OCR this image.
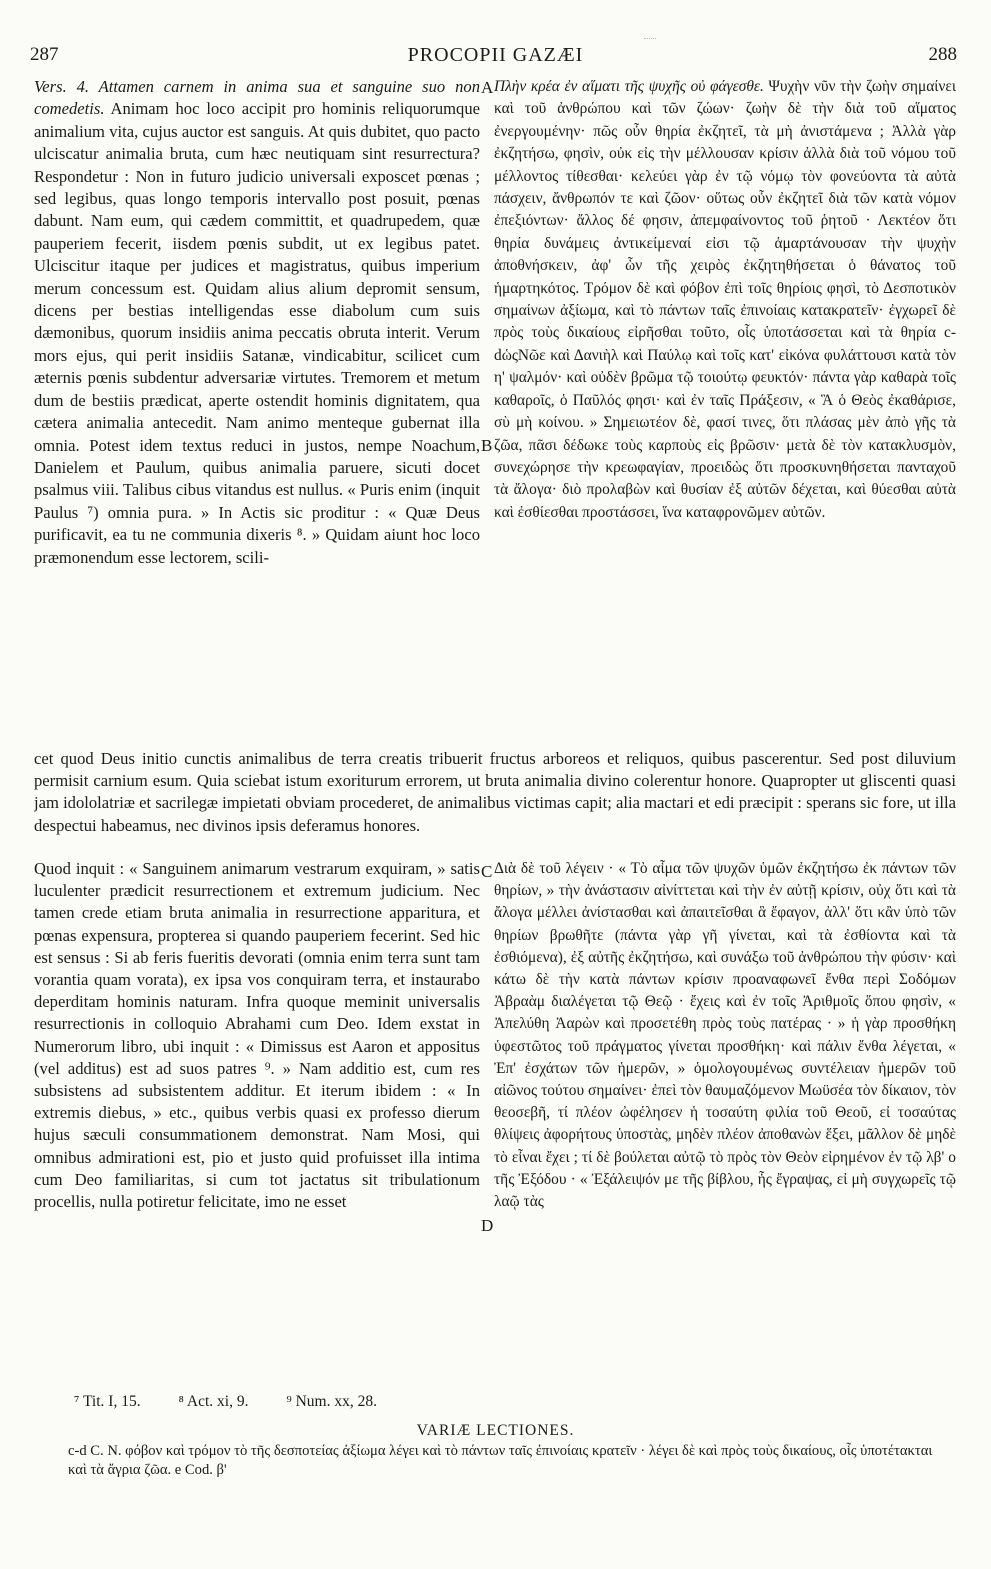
287	PROCOPII GAZÆI	288

Vers. 4. Attamen carnem in anima sua et sanguine suo non comedetis. Animam hoc loco accipit pro hominis reliquorumque animalium vita, cujus auctor est sanguis. At quis dubitet, quo pacto ulciscatur animalia bruta, cum hæc neutiquam sint resurrectura? Respondetur : Non in futuro judicio universali exposcet pœnas ; sed legibus, quas longo temporis intervallo post posuit, pœnas dabunt. Nam eum, qui cædem committit, et quadrupedem, quæ pauperiem fecerit, iisdem pœnis subdit, ut ex legibus patet. Ulciscitur itaque per judices et magistratus, quibus imperium merum concessum est. Quidam alius alium depromit sensum, dicens per bestias intelligendas esse diabolum cum suis dæmonibus, quorum insidiis anima peccatis obruta interit. Verum mors ejus, qui perit insidiis Satanæ, vindicabitur, scilicet cum æternis pœnis subdentur adversariæ virtutes. Tremorem et metum dum de bestiis prædicat, aperte ostendit hominis dignitatem, qua cætera animalia antecedit. Nam animo menteque gubernat illa omnia. Potest idem textus reduci in justos, nempe Noachum, Danielem et Paulum, quibus animalia paruere, sicuti docet psalmus viii. Talibus cibus vitandus est nullus. « Puris enim (inquit Paulus ⁷) omnia pura. » In Actis sic proditur : « Quæ Deus purificavit, ea tu ne communia dixeris ⁸. » Quidam aiunt hoc loco præmonendum esse lectorem, scili-

A
B

Πλὴν κρέα ἐν αἵματι τῆς ψυχῆς οὐ φάγεσθε. Ψυχὴν νῦν τὴν ζωὴν σημαίνει καὶ τοῦ ἀνθρώπου καὶ τῶν ζώων· ζωὴν δὲ τὴν διὰ τοῦ αἵματος ἐνεργουμένην· πῶς οὖν θηρία ἐκζητεῖ, τὰ μὴ ἀνιστάμενα ; Ἀλλὰ γὰρ ἐκζητήσω, φησὶν, οὐκ εἰς τὴν μέλλουσαν κρίσιν ἀλλὰ διὰ τοῦ νόμου τοῦ μέλλοντος τίθεσθαι· κελεύει γὰρ ἐν τῷ νόμῳ τὸν φονεύοντα τὰ αὐτὰ πάσχειν, ἄνθρωπόν τε καὶ ζῶον· οὕτως οὖν ἐκζητεῖ διὰ τῶν κατὰ νόμον ἐπεξιόντων· ἄλλος δέ φησιν, ἀπεμφαίνοντος τοῦ ῥητοῦ · Λεκτέον ὅτι θηρία δυνάμεις ἀντικείμεναί εἰσι τῷ ἁμαρτάνουσαν τὴν ψυχὴν ἀποθνήσκειν, ἀφ' ὧν τῆς χειρὸς ἐκζητηθήσεται ὁ θάνατος τοῦ ἡμαρτηκότος. Τρόμον δὲ καὶ φόβον ἐπὶ τοῖς θηρίοις φησὶ, τὸ Δεσποτικὸν σημαίνων ἀξίωμα, καὶ τὸ πάντων ταῖς ἐπινοίαις κατακρατεῖν· ἐγχωρεῖ δὲ πρὸς τοὺς δικαίους εἰρῆσθαι τοῦτο, οἷς ὑποτάσσεται καὶ τὰ θηρία c-dὡςΝῶε καὶ Δανιὴλ καὶ Παύλῳ καὶ τοῖς κατ' εἰκόνα φυλάττουσι κατὰ τὸν η' ψαλμόν· καὶ οὐδὲν βρῶμα τῷ τοιούτῳ φευκτόν· πάντα γὰρ καθαρὰ τοῖς καθαροῖς, ὁ Παῦλός φησι· καὶ ἐν ταῖς Πράξεσιν, « Ἃ ὁ Θεὸς ἐκαθάρισε, σὺ μὴ κοίνου. » Σημειωτέον δὲ, φασί τινες, ὅτι πλάσας μὲν ἀπὸ γῆς τὰ ζῶα, πᾶσι δέδωκε τοὺς καρποὺς εἰς βρῶσιν· μετὰ δὲ τὸν κατακλυσμὸν, συνεχώρησε τὴν κρεωφαγίαν, προειδὼς ὅτι προσκυνηθήσεται πανταχοῦ τὰ ἄλογα· διὸ προλαβὼν καὶ θυσίαν ἐξ αὐτῶν δέχεται, καὶ θύεσθαι αὐτὰ καὶ ἐσθίεσθαι προστάσσει, ἵνα καταφρονῶμεν αὐτῶν.

cet quod Deus initio cunctis animalibus de terra creatis tribuerit fructus arboreos et reliquos, quibus pascerentur. Sed post diluvium permisit carnium esum. Quia sciebat istum exoriturum errorem, ut bruta animalia divino colerentur honore. Quapropter ut gliscenti quasi jam idololatriæ et sacrilegæ impietati obviam procederet, de animalibus victimas capit; alia mactari et edi præcipit : sperans sic fore, ut illa despectui habeamus, nec divinos ipsis deferamus honores.

Quod inquit : « Sanguinem animarum vestrarum exquiram, » satis luculenter prædicit resurrectionem et extremum judicium. Nec tamen crede etiam bruta animalia in resurrectione apparitura, et pœnas expensura, propterea si quando pauperiem fecerint. Sed hic est sensus : Si ab feris fueritis devorati (omnia enim terra sunt tam vorantia quam vorata), ex ipsa vos conquiram terra, et instaurabo deperditam hominis naturam. Infra quoque meminit universalis resurrectionis in colloquio Abrahami cum Deo. Idem exstat in Numerorum libro, ubi inquit : « Dimissus est Aaron et appositus (vel additus) est ad suos patres ⁹. » Nam additio est, cum res subsistens ad subsistentem additur. Et iterum ibidem : « In extremis diebus, » etc., quibus verbis quasi ex professo dierum hujus sæculi consummationem demonstrat. Nam Mosi, qui omnibus admirationi est, pio et justo quid profuisset illa intima cum Deo familiaritas, si cum tot jactatus sit tribulationum procellis, nulla potiretur felicitate, imo ne esset

C
D

Διὰ δὲ τοῦ λέγειν · « Τὸ αἷμα τῶν ψυχῶν ὑμῶν ἐκζητήσω ἐκ πάντων τῶν θηρίων, » τὴν ἀνάστασιν αἰνίττεται καὶ τὴν ἐν αὐτῇ κρίσιν, οὐχ ὅτι καὶ τὰ ἄλογα μέλλει ἀνίστασθαι καὶ ἀπαιτεῖσθαι ἃ ἔφαγον, ἀλλ' ὅτι κἂν ὑπὸ τῶν θηρίων βρωθῆτε (πάντα γὰρ γῆ γίνεται, καὶ τὰ ἐσθίοντα καὶ τὰ ἐσθιόμενα), ἐξ αὐτῆς ἐκζητήσω, καὶ συνάξω τοῦ ἀνθρώπου τὴν φύσιν· καὶ κάτω δὲ τὴν κατὰ πάντων κρίσιν προαναφωνεῖ ἔνθα περὶ Σοδόμων Ἀβραὰμ διαλέγεται τῷ Θεῷ · ἔχεις καὶ ἐν τοῖς Ἀριθμοῖς ὅπου φησὶν, « Ἀπελύθη Ἀαρὼν καὶ προσετέθη πρὸς τοὺς πατέρας · » ἡ γὰρ προσθήκη ὑφεστῶτος τοῦ πράγματος γίνεται προσθήκη· καὶ πάλιν ἔνθα λέγεται, « Ἐπ' ἐσχάτων τῶν ἡμερῶν, » ὁμολογουμένως συντέλειαν ἡμερῶν τοῦ αἰῶνος τούτου σημαίνει· ἐπεὶ τὸν θαυμαζόμενον Μωϋσέα τὸν δίκαιον, τὸν θεοσεβῆ, τί πλέον ὠφέλησεν ἡ τοσαύτη φιλία τοῦ Θεοῦ, εἰ τοσαύτας θλίψεις ἀφορήτους ὑποστὰς, μηδὲν πλέον ἀποθανὼν ἕξει, μᾶλλον δὲ μηδὲ τὸ εἶναι ἔχει ; τί δὲ βούλεται αὐτῷ τὸ πρὸς τὸν Θεὸν εἰρημένον ἐν τῷ λβ' ο τῆς Ἐξόδου · « Ἐξάλειψόν με τῆς βίβλου, ἧς ἔγραψας, εἰ μὴ συγχωρεῖς τῷ λαῷ τὰς

⁷ Tit. I, 15. ⁸ Act. xi, 9. ⁹ Num. xx, 28.
VARIÆ LECTIONES.
c-d C. N. φόβον καὶ τρόμον τὸ τῆς δεσποτείας ἀξίωμα λέγει καὶ τὸ πάντων ταῖς ἐπινοίαις κρατεῖν · λέγει δὲ καὶ πρὸς τοὺς δικαίους, οἷς ὑποτέτακται καὶ τὰ ἄγρια ζῶα. e Cod. β'
